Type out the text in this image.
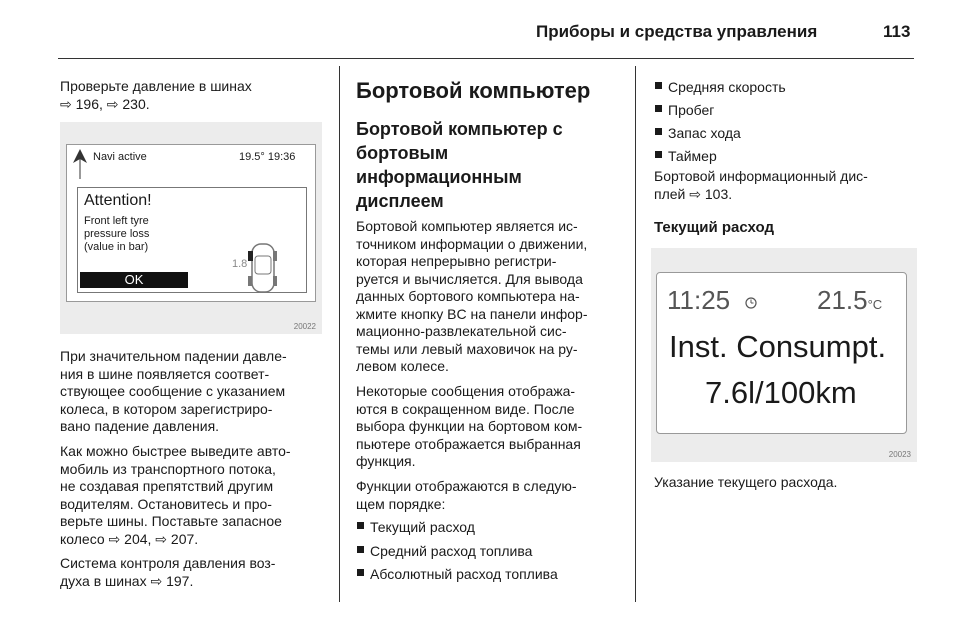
Приборы и средства управления	113
Проверьте давление в шинах
⇨ 196, ⇨ 230.
Navi active	19.5° 19:36
Attention!
Front left tyre
pressure loss
(value in bar)
1.8
OK
20022
При значительном падении давле-
ния в шине появляется соответ-
ствующее сообщение с указанием
колеса, в котором зарегистриро-
вано падение давления.
Как можно быстрее выведите авто-
мобиль из транспортного потока,
не создавая препятствий другим
водителям. Остановитесь и про-
верьте шины. Поставьте запасное
колесо ⇨ 204, ⇨ 207.
Система контроля давления воз-
духа в шинах ⇨ 197.
Бортовой компьютер
Бортовой компьютер с
бортовым
информационным
дисплеем
Бортовой компьютер является ис-
точником информации о движении,
которая непрерывно регистри-
руется и вычисляется. Для вывода
данных бортового компьютера на-
жмите кнопку BC на панели инфор-
мационно-развлекательной сис-
темы или левый маховичок на ру-
левом колесе.
Некоторые сообщения отобража-
ются в сокращенном виде. После
выбора функции на бортовом ком-
пьютере отображается выбранная
функция.
Функции отображаются в следую-
щем порядке:
Текущий расход
Средний расход топлива
Абсолютный расход топлива
Средняя скорость
Пробег
Запас хода
Таймер
Бортовой информационный дис-
плей ⇨ 103.
Текущий расход
11:25	21.5°C
Inst. Consumpt.
7.6l/100km
20023
Указание текущего расхода.
